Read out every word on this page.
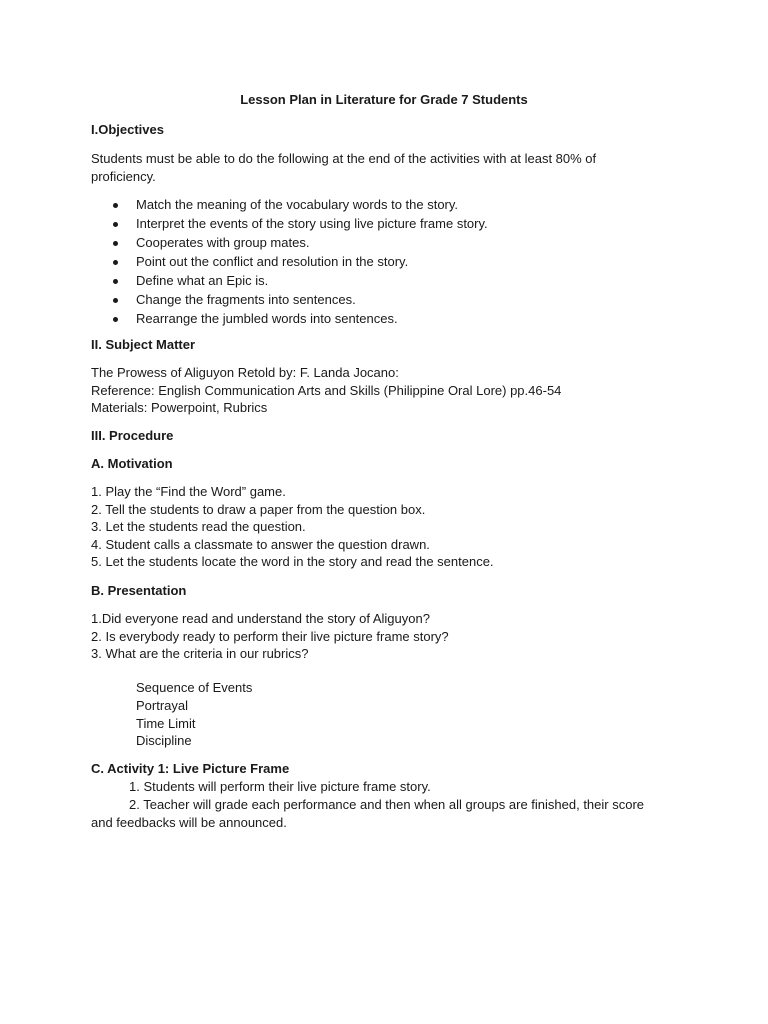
Lesson Plan in Literature for Grade 7 Students
I.Objectives
Students must be able to do the following at the end of the activities with at least 80% of
proficiency.
Match the meaning of the vocabulary words to the story.
Interpret the events of the story using live picture frame story.
Cooperates with group mates.
Point out the conflict and resolution in the story.
Define what an Epic is.
Change the fragments into sentences.
Rearrange the jumbled words into sentences.
II. Subject Matter
The Prowess of Aliguyon Retold by: F. Landa Jocano:
Reference: English Communication Arts and Skills (Philippine Oral Lore) pp.46-54
Materials: Powerpoint, Rubrics
III. Procedure
A. Motivation
1. Play the “Find the Word” game.
2. Tell the students to draw a paper from the question box.
3. Let the students read the question.
4. Student calls a classmate to answer the question drawn.
5. Let the students locate the word in the story and read the sentence.
B. Presentation
1.Did everyone read and understand the story of Aliguyon?
2. Is everybody ready to perform their live picture frame story?
3. What are the criteria in our rubrics?
Sequence of Events
Portrayal
Time Limit
Discipline
C. Activity 1: Live Picture Frame
1. Students will perform their live picture frame story.
2. Teacher will grade each performance and then when all groups are finished, their score
and feedbacks will be announced.
